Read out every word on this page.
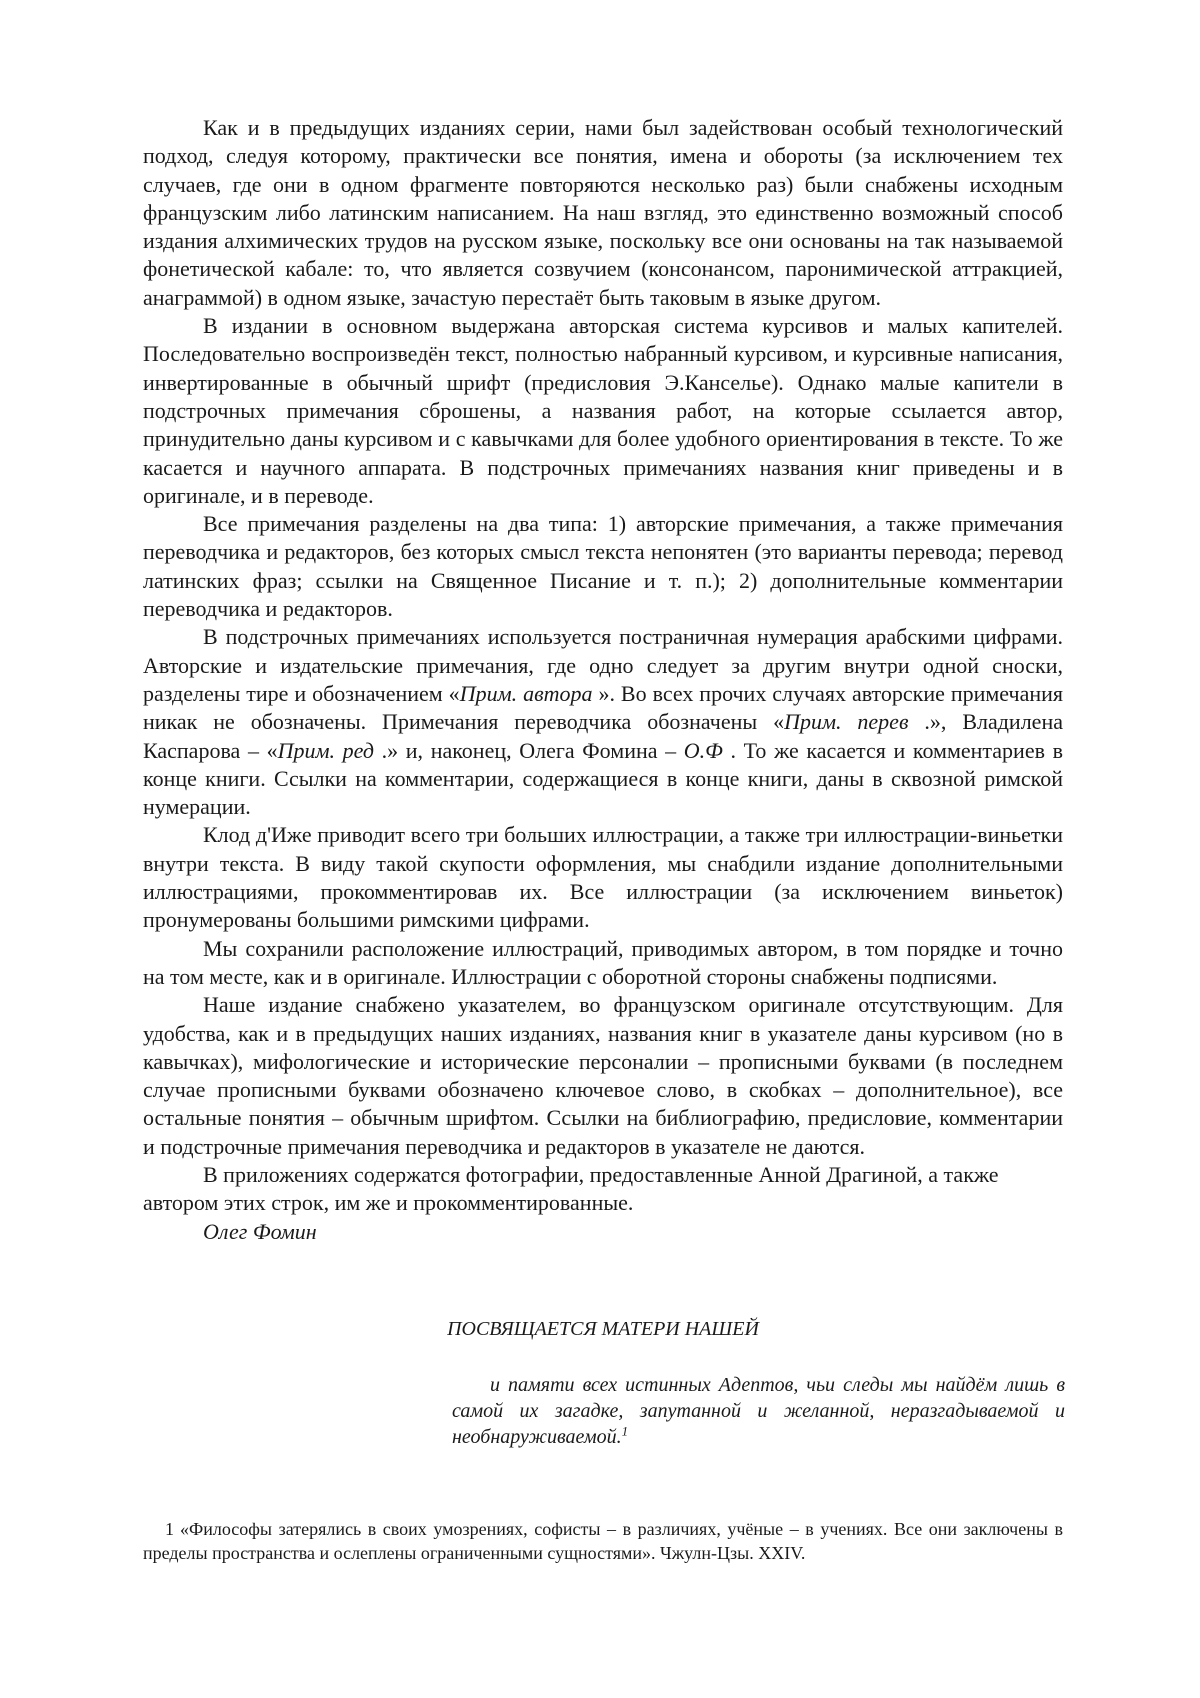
Как и в предыдущих изданиях серии, нами был задействован особый технологический подход, следуя которому, практически все понятия, имена и обороты (за исключением тех случаев, где они в одном фрагменте повторяются несколько раз) были снабжены исходным французским либо латинским написанием. На наш взгляд, это единственно возможный способ издания алхимических трудов на русском языке, поскольку все они основаны на так называемой фонетической кабале: то, что является созвучием (консонансом, паронимической аттракцией, анаграммой) в одном языке, зачастую перестаёт быть таковым в языке другом.

В издании в основном выдержана авторская система курсивов и малых капителей. Последовательно воспроизведён текст, полностью набранный курсивом, и курсивные написания, инвертированные в обычный шрифт (предисловия Э.Канселье). Однако малые капители в подстрочных примечания сброшены, а названия работ, на которые ссылается автор, принудительно даны курсивом и с кавычками для более удобного ориентирования в тексте. То же касается и научного аппарата. В подстрочных примечаниях названия книг приведены и в оригинале, и в переводе.

Все примечания разделены на два типа: 1) авторские примечания, а также примечания переводчика и редакторов, без которых смысл текста непонятен (это варианты перевода; перевод латинских фраз; ссылки на Священное Писание и т. п.); 2) дополнительные комментарии переводчика и редакторов.

В подстрочных примечаниях используется постраничная нумерация арабскими цифрами. Авторские и издательские примечания, где одно следует за другим внутри одной сноски, разделены тире и обозначением «Прим. автора ». Во всех прочих случаях авторские примечания никак не обозначены. Примечания переводчика обозначены «Прим. перев .», Владилена Каспарова – «Прим. ред .» и, наконец, Олега Фомина – О.Ф . То же касается и комментариев в конце книги. Ссылки на комментарии, содержащиеся в конце книги, даны в сквозной римской нумерации.

Клод д'Иже приводит всего три больших иллюстрации, а также три иллюстрации-виньетки внутри текста. В виду такой скупости оформления, мы снабдили издание дополнительными иллюстрациями, прокомментировав их. Все иллюстрации (за исключением виньеток) пронумерованы большими римскими цифрами.

Мы сохранили расположение иллюстраций, приводимых автором, в том порядке и точно на том месте, как и в оригинале. Иллюстрации с оборотной стороны снабжены подписями.

Наше издание снабжено указателем, во французском оригинале отсутствующим. Для удобства, как и в предыдущих наших изданиях, названия книг в указателе даны курсивом (но в кавычках), мифологические и исторические персоналии – прописными буквами (в последнем случае прописными буквами обозначено ключевое слово, в скобках – дополнительное), все остальные понятия – обычным шрифтом. Ссылки на библиографию, предисловие, комментарии и подстрочные примечания переводчика и редакторов в указателе не даются.

В приложениях содержатся фотографии, предоставленные Анной Драгиной, а также автором этих строк, им же и прокомментированные.

Олег Фомин

ПОСВЯЩАЕТСЯ МАТЕРИ НАШЕЙ
и памяти всех истинных Адептов, чьи следы мы найдём лишь в самой их загадке, запутанной и желанной, неразгадываемой и необнаруживаемой.$^1$
1 «Философы затерялись в своих умозрениях, софисты – в различиях, учёные – в учениях. Все они заключены в пределы пространства и ослеплены ограниченными сущностями». Чжулн-Цзы. XXIV.
